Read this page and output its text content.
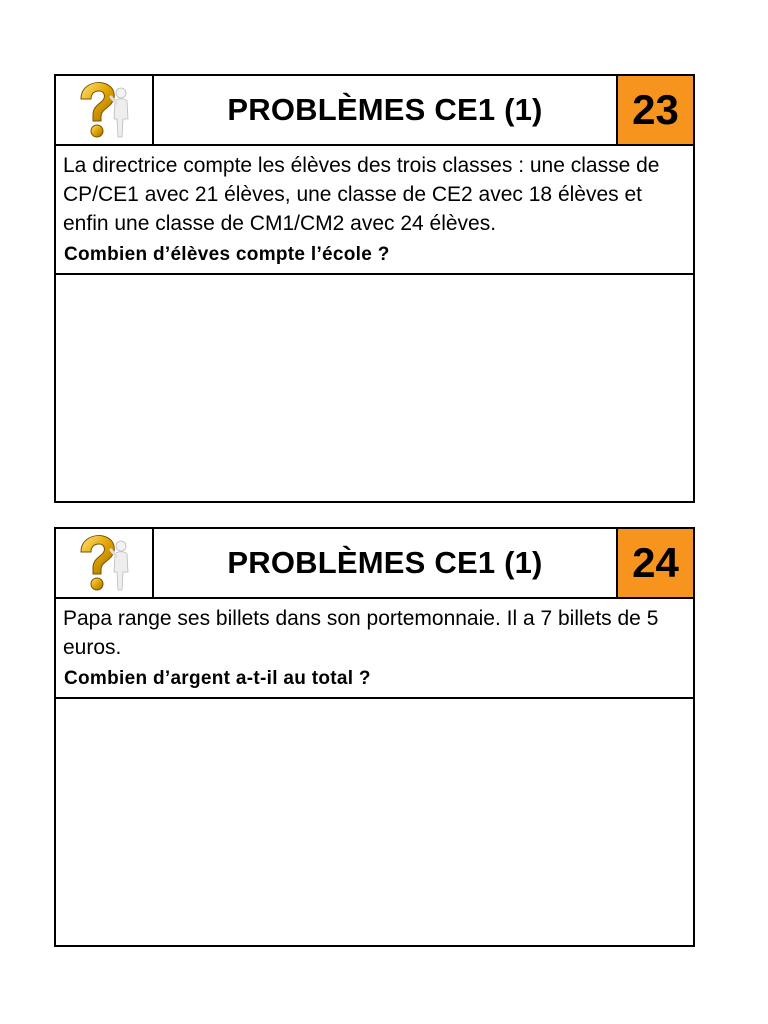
PROBLÈMES CE1 (1)	23

La directrice compte les élèves des trois classes : une classe de CP/CE1 avec 21 élèves, une classe de CE2 avec 18 élèves et enfin une classe de CM1/CM2 avec 24 élèves.

Combien d’élèves compte l’école ?

PROBLÈMES CE1 (1)	24

Papa range ses billets dans son portemonnaie. Il a 7 billets de 5 euros.

Combien d’argent a-t-il au total ?
